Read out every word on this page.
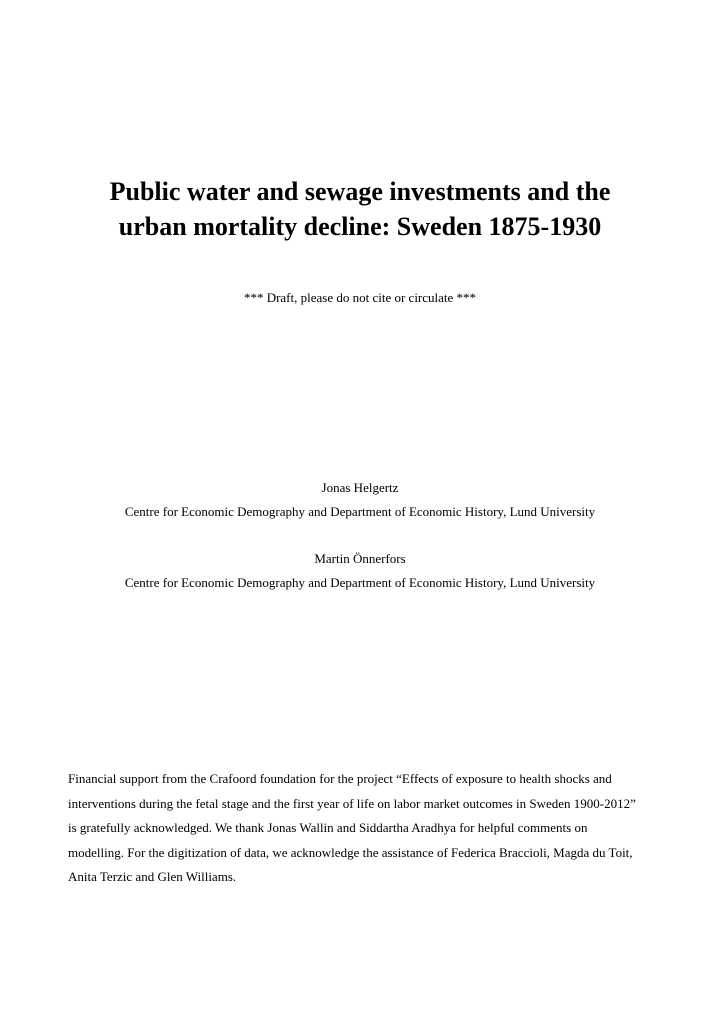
Public water and sewage investments and the
urban mortality decline: Sweden 1875-1930
*** Draft, please do not cite or circulate ***
Jonas Helgertz
Centre for Economic Demography and Department of Economic History, Lund University
Martin Önnerfors
Centre for Economic Demography and Department of Economic History, Lund University

Financial support from the Crafoord foundation for the project “Effects of exposure to health shocks and
interventions during the fetal stage and the first year of life on labor market outcomes in Sweden 1900-2012”
is gratefully acknowledged. We thank Jonas Wallin and Siddartha Aradhya for helpful comments on
modelling. For the digitization of data, we acknowledge the assistance of Federica Braccioli, Magda du Toit,
Anita Terzic and Glen Williams.
